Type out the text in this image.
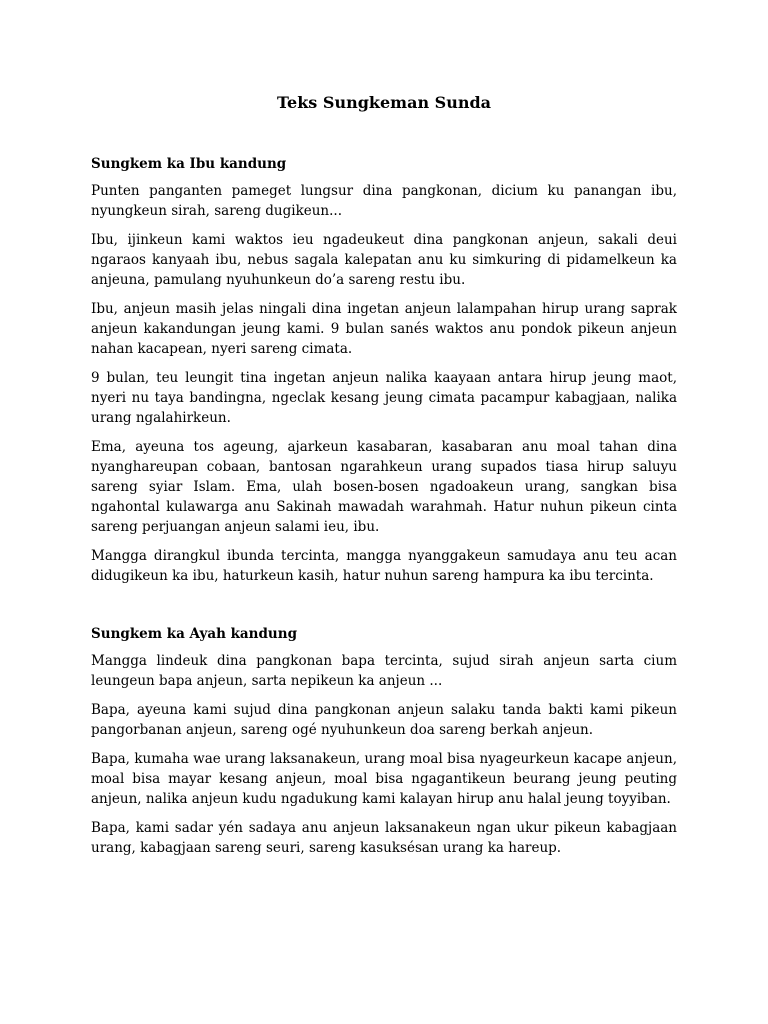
Teks Sungkeman Sunda
Sungkem ka Ibu kandung

Punten panganten pameget lungsur dina pangkonan, dicium ku panangan ibu, nyungkeun sirah, sareng dugikeun...

Ibu, ijinkeun kami waktos ieu ngadeukeut dina pangkonan anjeun, sakali deui ngaraos kanyaah ibu, nebus sagala kalepatan anu ku simkuring di pidamelkeun ka anjeuna, pamulang nyuhunkeun do’a sareng restu ibu.

Ibu, anjeun masih jelas ningali dina ingetan anjeun lalampahan hirup urang saprak anjeun kakandungan jeung kami. 9 bulan sanés waktos anu pondok pikeun anjeun nahan kacapean, nyeri sareng cimata.

9 bulan, teu leungit tina ingetan anjeun nalika kaayaan antara hirup jeung maot, nyeri nu taya bandingna, ngeclak kesang jeung cimata pacampur kabagjaan, nalika urang ngalahirkeun.

Ema, ayeuna tos ageung, ajarkeun kasabaran, kasabaran anu moal tahan dina nyanghareupan cobaan, bantosan ngarahkeun urang supados tiasa hirup saluyu sareng syiar Islam. Ema, ulah bosen-bosen ngadoakeun urang, sangkan bisa ngahontal kulawarga anu Sakinah mawadah warahmah. Hatur nuhun pikeun cinta sareng perjuangan anjeun salami ieu, ibu.

Mangga dirangkul ibunda tercinta, mangga nyanggakeun samudaya anu teu acan didugikeun ka ibu, haturkeun kasih, hatur nuhun sareng hampura ka ibu tercinta.

Sungkem ka Ayah kandung

Mangga lindeuk dina pangkonan bapa tercinta, sujud sirah anjeun sarta cium leungeun bapa anjeun, sarta nepikeun ka anjeun ...

Bapa, ayeuna kami sujud dina pangkonan anjeun salaku tanda bakti kami pikeun pangorbanan anjeun, sareng ogé nyuhunkeun doa sareng berkah anjeun.

Bapa, kumaha wae urang laksanakeun, urang moal bisa nyageurkeun kacape anjeun, moal bisa mayar kesang anjeun, moal bisa ngagantikeun beurang jeung peuting anjeun, nalika anjeun kudu ngadukung kami kalayan hirup anu halal jeung toyyiban.

Bapa, kami sadar yén sadaya anu anjeun laksanakeun ngan ukur pikeun kabagjaan urang, kabagjaan sareng seuri, sareng kasuksésan urang ka hareup.
